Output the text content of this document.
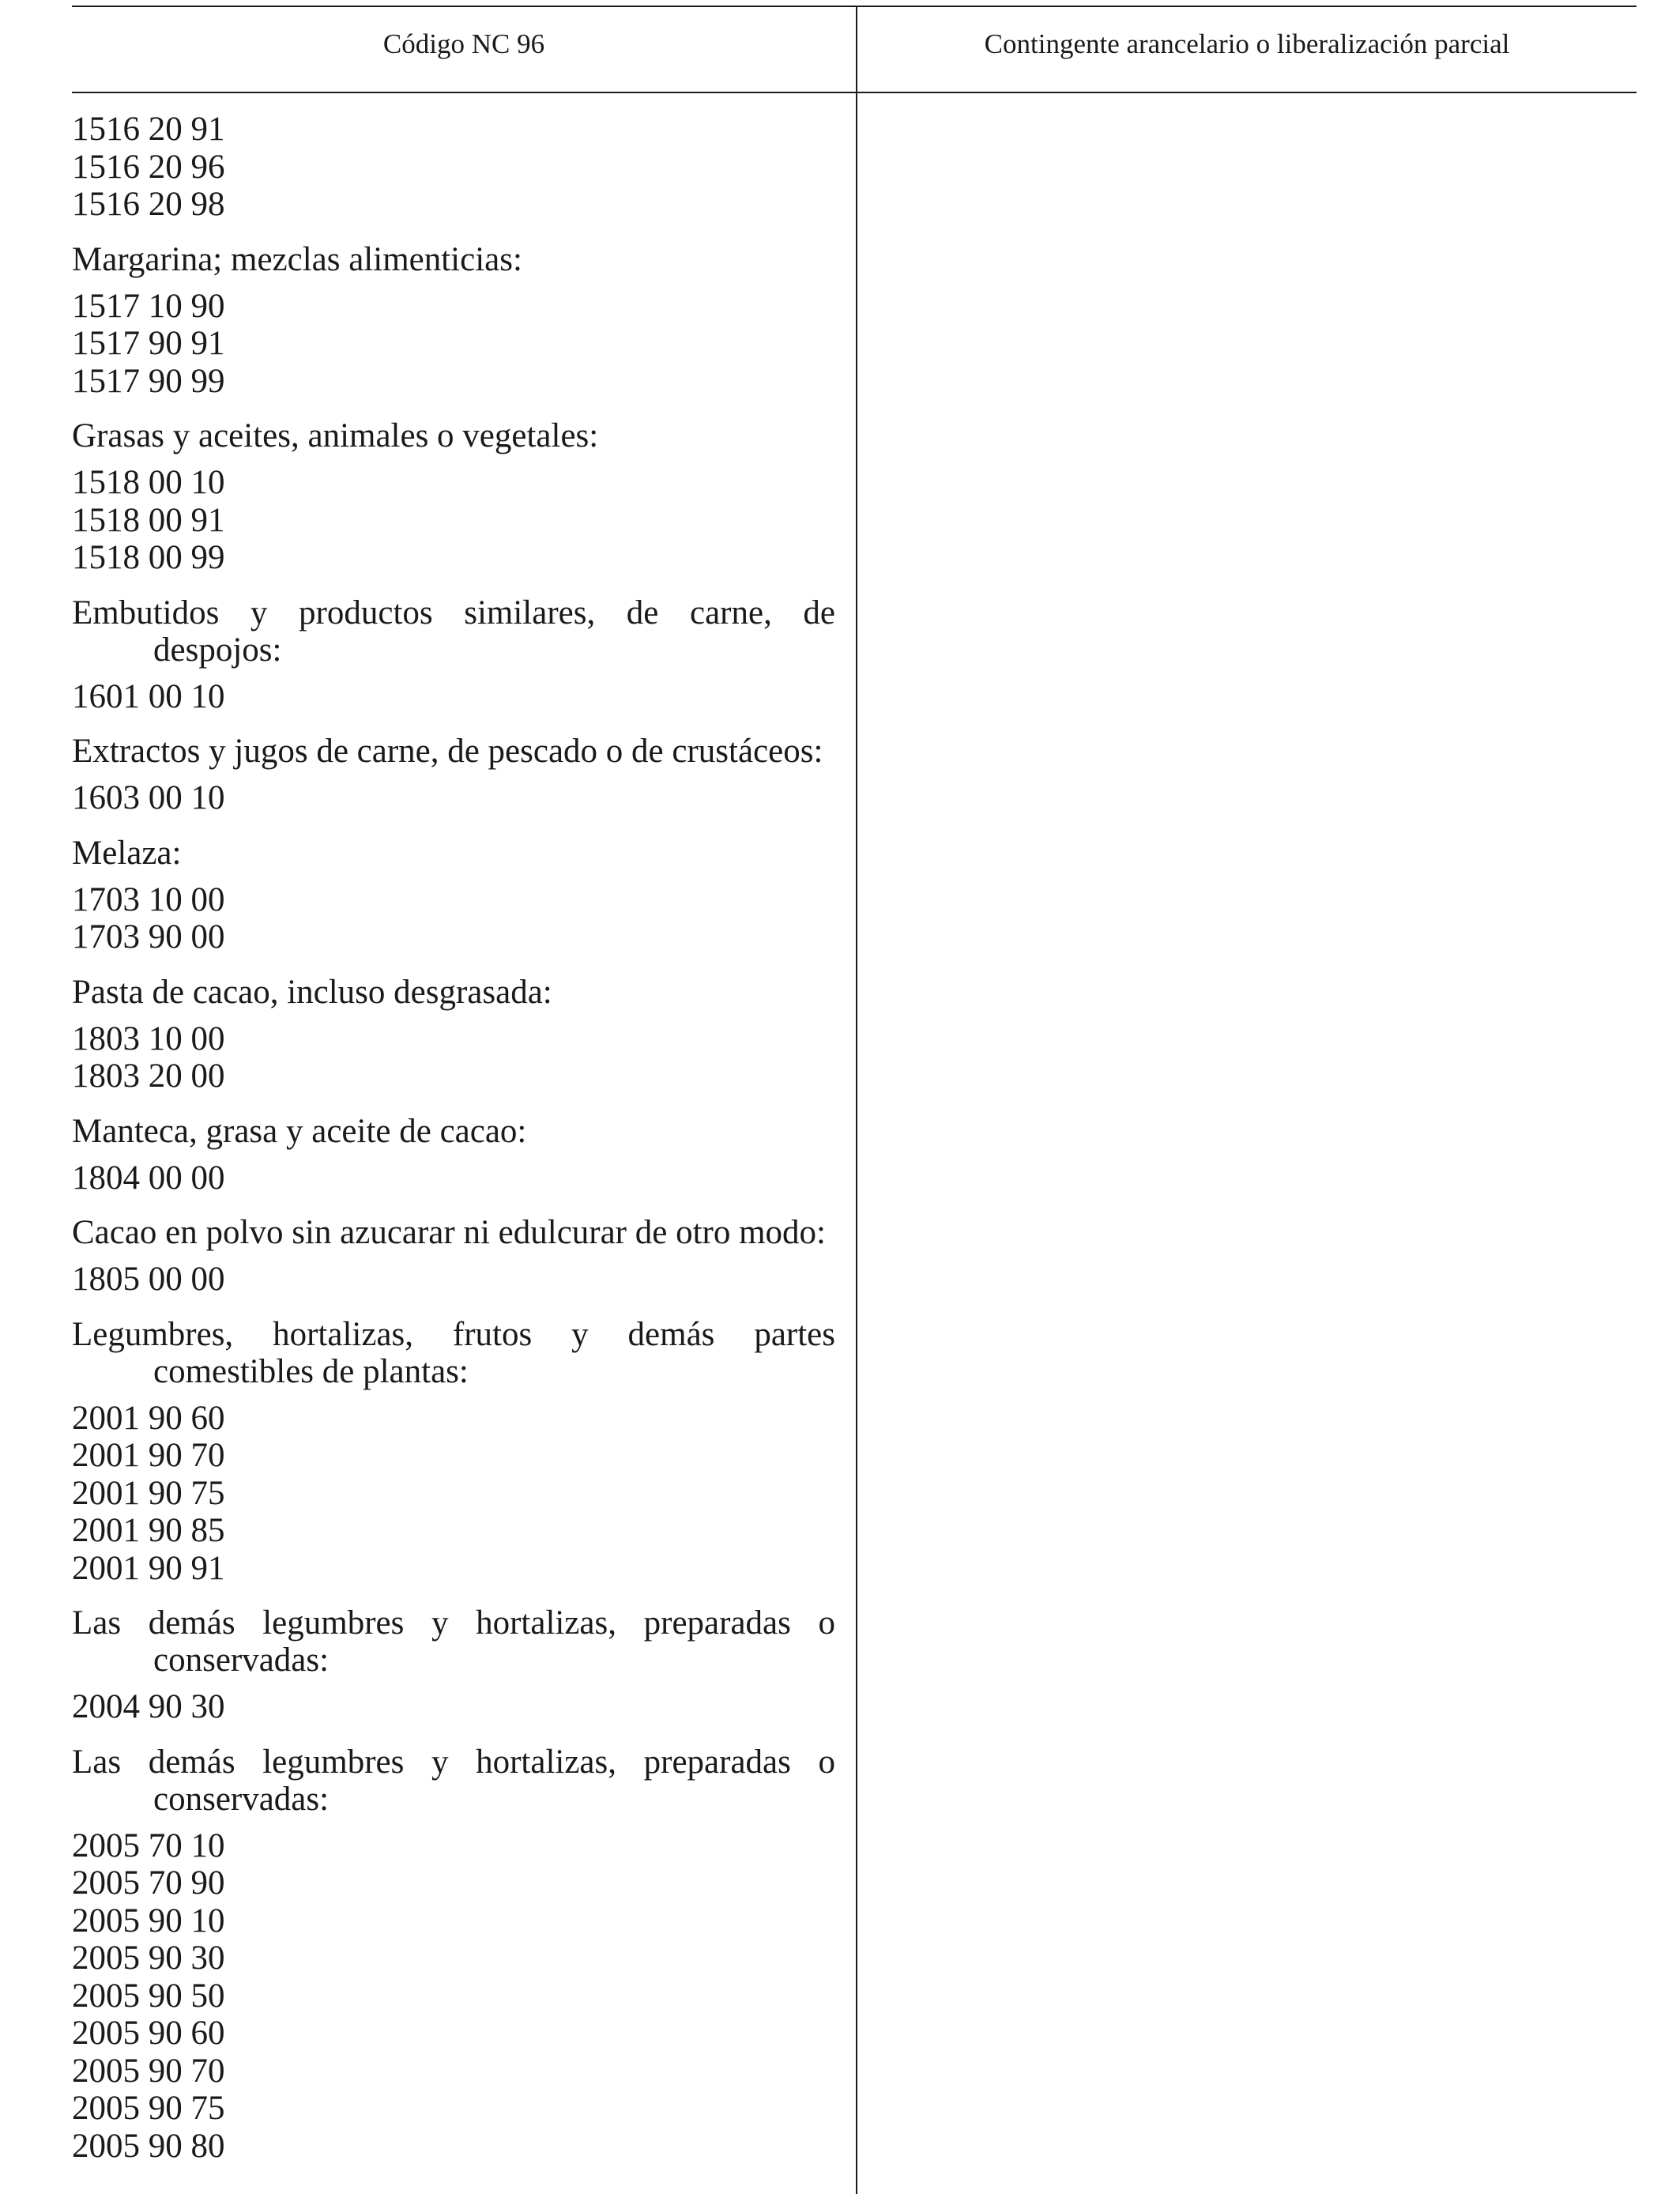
Código NC 96	Contingente arancelario o liberalización parcial
1516 20 91
1516 20 96
1516 20 98
Margarina; mezclas alimenticias:
1517 10 90
1517 90 91
1517 90 99
Grasas y aceites, animales o vegetales:
1518 00 10
1518 00 91
1518 00 99
Embutidos y productos similares, de carne, de despojos:
1601 00 10
Extractos y jugos de carne, de pescado o de crustáceos:
1603 00 10
Melaza:
1703 10 00
1703 90 00
Pasta de cacao, incluso desgrasada:
1803 10 00
1803 20 00
Manteca, grasa y aceite de cacao:
1804 00 00
Cacao en polvo sin azucarar ni edulcurar de otro modo:
1805 00 00
Legumbres, hortalizas, frutos y demás partes comestibles de plantas:
2001 90 60
2001 90 70
2001 90 75
2001 90 85
2001 90 91
Las demás legumbres y hortalizas, preparadas o conservadas:
2004 90 30
Las demás legumbres y hortalizas, preparadas o conservadas:
2005 70 10
2005 70 90
2005 90 10
2005 90 30
2005 90 50
2005 90 60
2005 90 70
2005 90 75
2005 90 80
